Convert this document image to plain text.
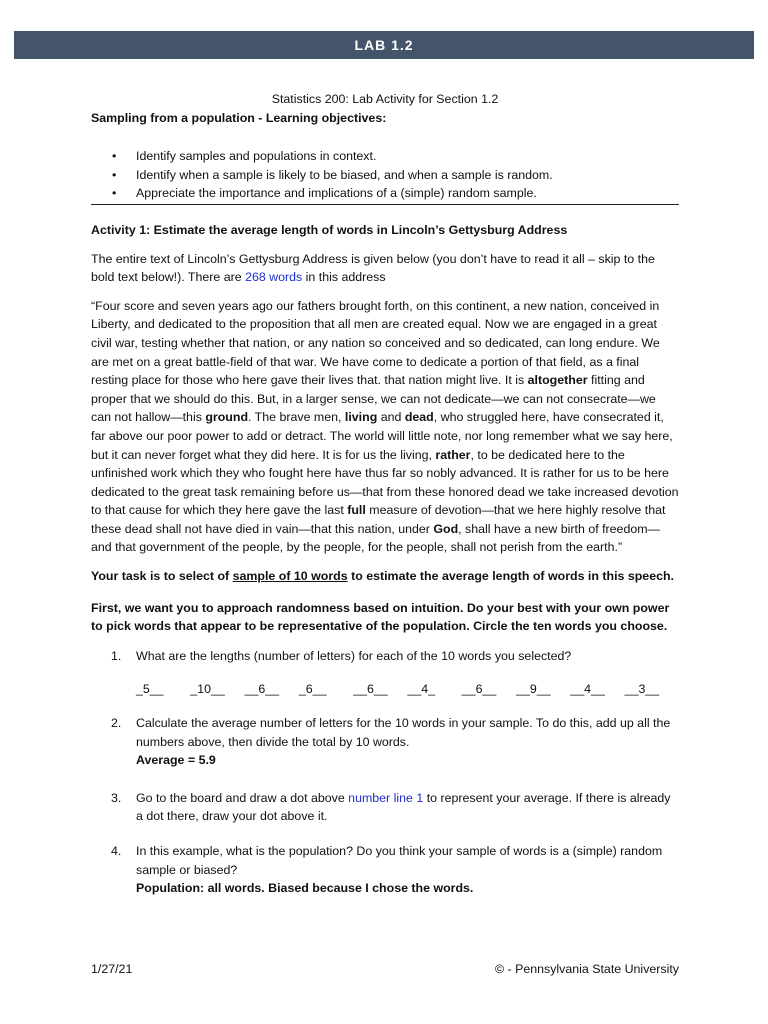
LAB 1.2

Statistics 200: Lab Activity for Section 1.2

Sampling from a population - Learning objectives:

• Identify samples and populations in context.
• Identify when a sample is likely to be biased, and when a sample is random.
• Appreciate the importance and implications of a (simple) random sample.

Activity 1: Estimate the average length of words in Lincoln’s Gettysburg Address

The entire text of Lincoln’s Gettysburg Address is given below (you don’t have to read it all – skip to the bold text below!). There are 268 words in this address

“Four score and seven years ago our fathers brought forth, on this continent, a new nation, conceived in Liberty, and dedicated to the proposition that all men are created equal. Now we are engaged in a great civil war, testing whether that nation, or any nation so conceived and so dedicated, can long endure. We are met on a great battle-field of that war. We have come to dedicate a portion of that field, as a final resting place for those who here gave their lives that. that nation might live. It is altogether fitting and proper that we should do this. But, in a larger sense, we can not dedicate—we can not consecrate—we can not hallow—this ground. The brave men, living and dead, who struggled here, have consecrated it, far above our poor power to add or detract. The world will little note, nor long remember what we say here, but it can never forget what they did here. It is for us the living, rather, to be dedicated here to the unfinished work which they who fought here have thus far so nobly advanced. It is rather for us to be here dedicated to the great task remaining before us—that from these honored dead we take increased devotion to that cause for which they here gave the last full measure of devotion—that we here highly resolve that these dead shall not have died in vain—that this nation, under God, shall have a new birth of freedom—and that government of the people, by the people, for the people, shall not perish from the earth.”

Your task is to select of sample of 10 words to estimate the average length of words in this speech.

First, we want you to approach randomness based on intuition. Do your best with your own power to pick words that appear to be representative of the population. Circle the ten words you choose.

1. What are the lengths (number of letters) for each of the 10 words you selected?
_5__	_10__	__6__	_6__	__6__	__4_	__6__	__9__	__4__	__3__
2. Calculate the average number of letters for the 10 words in your sample. To do this, add up all the numbers above, then divide the total by 10 words.
Average = 5.9
3. Go to the board and draw a dot above number line 1 to represent your average. If there is already a dot there, draw your dot above it.
4. In this example, what is the population? Do you think your sample of words is a (simple) random sample or biased?
Population: all words. Biased because I chose the words.
1/27/21	© - Pennsylvania State University
